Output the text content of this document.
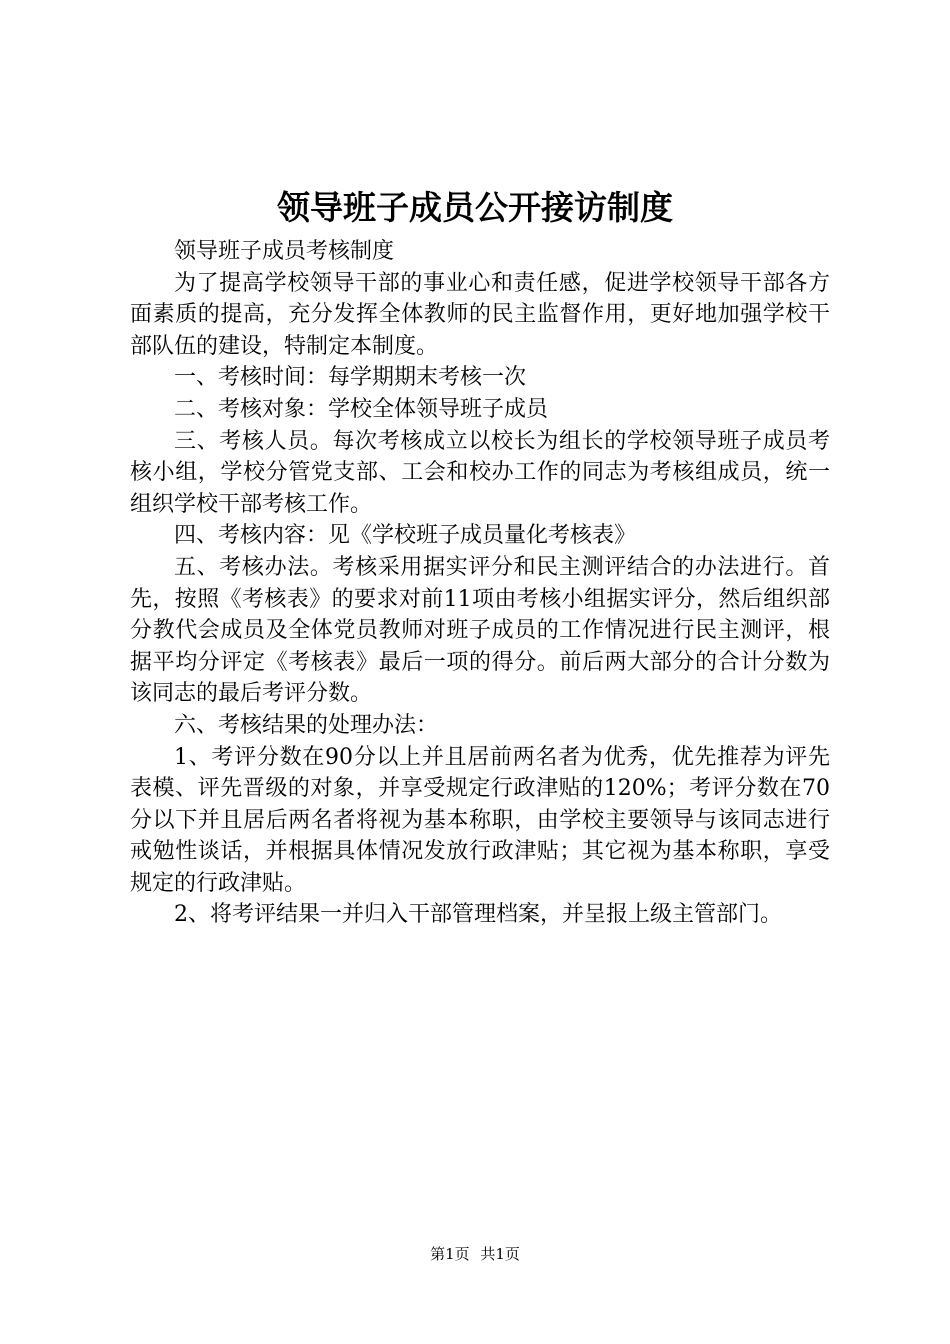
领导班子成员公开接访制度

领导班子成员考核制度

为了提高学校领导干部的事业心和责任感，促进学校领导干部各方面素质的提高，充分发挥全体教师的民主监督作用，更好地加强学校干部队伍的建设，特制定本制度。

一、考核时间：每学期期末考核一次

二、考核对象：学校全体领导班子成员

三、考核人员。每次考核成立以校长为组长的学校领导班子成员考核小组，学校分管党支部、工会和校办工作的同志为考核组成员，统一组织学校干部考核工作。

四、考核内容：见《学校班子成员量化考核表》

五、考核办法。考核采用据实评分和民主测评结合的办法进行。首先，按照《考核表》的要求对前11项由考核小组据实评分，然后组织部分教代会成员及全体党员教师对班子成员的工作情况进行民主测评，根据平均分评定《考核表》最后一项的得分。前后两大部分的合计分数为该同志的最后考评分数。

六、考核结果的处理办法：

1、考评分数在90分以上并且居前两名者为优秀，优先推荐为评先表模、评先晋级的对象，并享受规定行政津贴的120%；考评分数在70分以下并且居后两名者将视为基本称职，由学校主要领导与该同志进行戒勉性谈话，并根据具体情况发放行政津贴；其它视为基本称职，享受规定的行政津贴。

2、将考评结果一并归入干部管理档案，并呈报上级主管部门。

第1页 共1页
